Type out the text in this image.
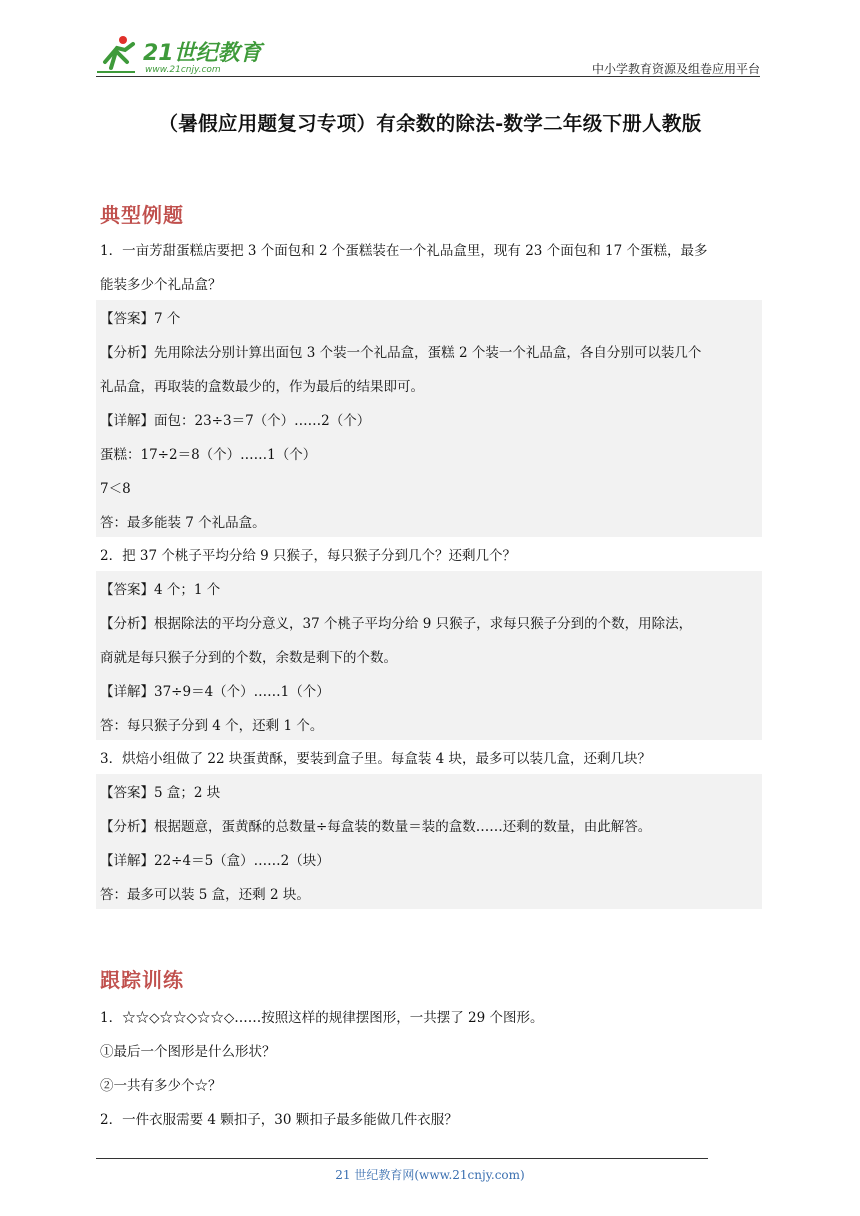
21世纪教育
www.21cnjy.com	中小学教育资源及组卷应用平台
（暑假应用题复习专项）有余数的除法-数学二年级下册人教版
典型例题
1．一亩芳甜蛋糕店要把 3 个面包和 2 个蛋糕装在一个礼品盒里，现有 23 个面包和 17 个蛋糕，最多
能装多少个礼品盒？
【答案】7 个
【分析】先用除法分别计算出面包 3 个装一个礼品盒，蛋糕 2 个装一个礼品盒，各自分别可以装几个
礼品盒，再取装的盒数最少的，作为最后的结果即可。
【详解】面包：23÷3＝7（个）……2（个）
蛋糕：17÷2＝8（个）……1（个）
7＜8
答：最多能装 7 个礼品盒。
2．把 37 个桃子平均分给 9 只猴子，每只猴子分到几个？还剩几个？
【答案】4 个；1 个
【分析】根据除法的平均分意义，37 个桃子平均分给 9 只猴子，求每只猴子分到的个数，用除法，
商就是每只猴子分到的个数，余数是剩下的个数。
【详解】37÷9＝4（个）……1（个）
答：每只猴子分到 4 个，还剩 1 个。
3．烘焙小组做了 22 块蛋黄酥，要装到盒子里。每盒装 4 块，最多可以装几盒，还剩几块？
【答案】5 盒；2 块
【分析】根据题意，蛋黄酥的总数量÷每盒装的数量＝装的盒数……还剩的数量，由此解答。
【详解】22÷4＝5（盒）……2（块）
答：最多可以装 5 盒，还剩 2 块。
跟踪训练
1．☆☆◇☆☆◇☆☆◇……按照这样的规律摆图形，一共摆了 29 个图形。
①最后一个图形是什么形状？
②一共有多少个☆？
2．一件衣服需要 4 颗扣子，30 颗扣子最多能做几件衣服？
21 世纪教育网(www.21cnjy.com)
